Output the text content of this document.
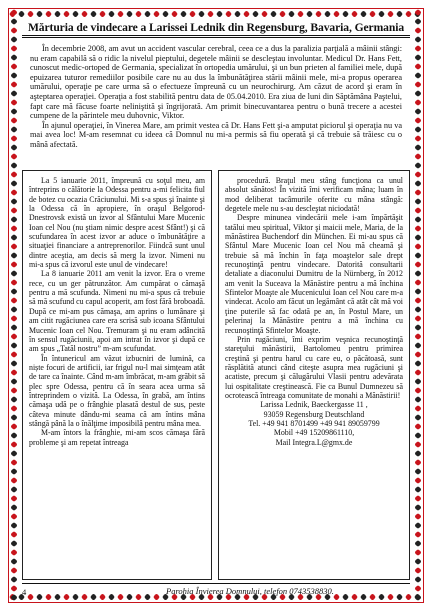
Mărturia de vindecare a Larissei Lednik din Regensburg, Bavaria, Germania

În decembrie 2008, am avut un accident vascular cerebral, ceea ce a dus la paralizia parţială a mâinii stângi: nu eram capabilă să o ridic la nivelul pieptului, degetele mâinii se descleştau involuntar. Medicul Dr. Hans Fett, cunoscut medic-ortoped de Germania, specializat în ortopedia umărului, şi un bun prieten al familiei mele, după epuizarea tuturor remediilor posibile care nu au dus la îmbunătăţirea stării mâinii mele, mi-a propus operarea umărului, operaţie pe care urma să o efectueze împreună cu un neurochirurg. Am căzut de acord şi eram în aşteptarea operaţiei. Operaţia a fost stabilită pentru data de 05.04.2010. Era ziua de luni din Săptămâna Paştelui, fapt care mă făcuse foarte neliniştită şi îngrijorată. Am primit binecuvantarea pentru o bună trecere a acestei cumpene de la părintele meu duhovnic, Viktor.

În ajunul operaţiei, în Vinerea Mare, am primit vestea că Dr. Hans Fett şi-a amputat piciorul şi operaţia nu va mai avea loc! M-am resemnat cu ideea că Domnul nu mi-a permis să fiu operată şi că trebuie să trăiesc cu o mână afectată.

La 5 ianuarie 2011, împreună cu soţul meu, am întreprins o călătorie la Odessa pentru a-mi felicita fiul de botez cu ocazia Crăciunului. Mi s-a spus şi înainte şi la Odessa că în apropiere, în oraşul Belgorod-Dnestrovsk există un izvor al Sfântului Mare Mucenic Ioan cel Nou (nu ştiam nimic despre acest Sfânt!) şi că scufundarea în acest izvor ar aduce o îmbunătăţire a situaţiei financiare a antreprenorilor. Fiindcă sunt unul dintre aceştia, am decis să merg la izvor. Nimeni nu mi-a spus că izvorul este unul de vindecare!

La 8 ianuarie 2011 am venit la izvor. Era o vreme rece, cu un ger pătrunzător. Am cumpărat o cămaşă pentru a mă scufunda. Nimeni nu mi-a spus că trebuie să mă scufund cu capul acoperit, am fost fără broboadă. După ce mi-am pus cămaşa, am aprins o lumânare şi am citit rugăciunea care era scrisă sub icoana Sfântului Mucenic Ioan cel Nou. Tremuram şi nu eram adâncită în sensul rugăciunii, apoi am intrat în izvor şi după ce am spus „Tatăl nostru” m-am scufundat.

În întunericul am văzut izbucniri de lumină, ca niște focuri de artificii, iar frigul nu-l mai simţeam atât de tare ca înainte. Când m-am îmbrăcat, m-am grăbit să plec spre Odessa, pentru că în seara acea urma să întreprindem o vizită. La Odessa, în grabă, am întins cămaşa udă pe o frânghie plasată destul de sus, peste câteva minute dându-mi seama că am întins mâna stângă până la o înălţime imposibilă pentru mâna mea.

M-am întors la frânghie, mi-am scos cămaşa fără probleme şi am repetat întreaga

procedură. Braţul meu stâng funcţiona ca unul absolut sănătos! În vizită îmi verificam mâna; luam în mod deliberat tacâmurile oferite cu mâna stângă: degetele mele nu s-au descleştat niciodată!

Despre minunea vindecării mele i-am împărtăşit tatălui meu spiritual, Viktor şi maicii mele, Maria, de la mănăstirea Buchendorf din München. Ei mi-au spus că Sfântul Mare Mucenic Ioan cel Nou mă cheamă şi trebuie să mă închin în faţa moaştelor sale drept recunoştinţă pentru vindecare. Datorită consultarii detaliate a diaconului Dumitru de la Nürnberg, în 2012 am venit la Suceava la Mănăstire pentru a mă închina Sfintelor Moaşte ale Mucenicului Ioan cel Nou care m-a vindecat. Acolo am făcut un legământ că atât cât mă voi ţine puterile să fac odată pe an, în Postul Mare, un pelerinaj la Mănăstire pentru a mă închina cu recunoştinţă Sfintelor Moaşte.

Prin rugăciuni, îmi exprim veşnica recunoştinţă stareţului mănăstirii, Bartolomeu pentru primirea creştină şi pentru harul cu care eu, o păcătoasă, sunt răsplătită atunci când citeşte asupra mea rugăciuni şi acatiste, precum şi călugărului Vlasii pentru adevărata lui ospitalitate creştinească. Fie ca Bunul Dumnezeu să ocrotească întreaga comunitate de monahi a Mănăstirii!

Larissa Lednik, Baeckergasse 11 ,

93059 Regensburg Deutschland

Tel. +49 941 8701499 +49 941 89059799

Mobil +49 15209861110,

Mail Integra.L@gmx.de

4	Parohia Învierea Domnului, telefon 0743538830.
